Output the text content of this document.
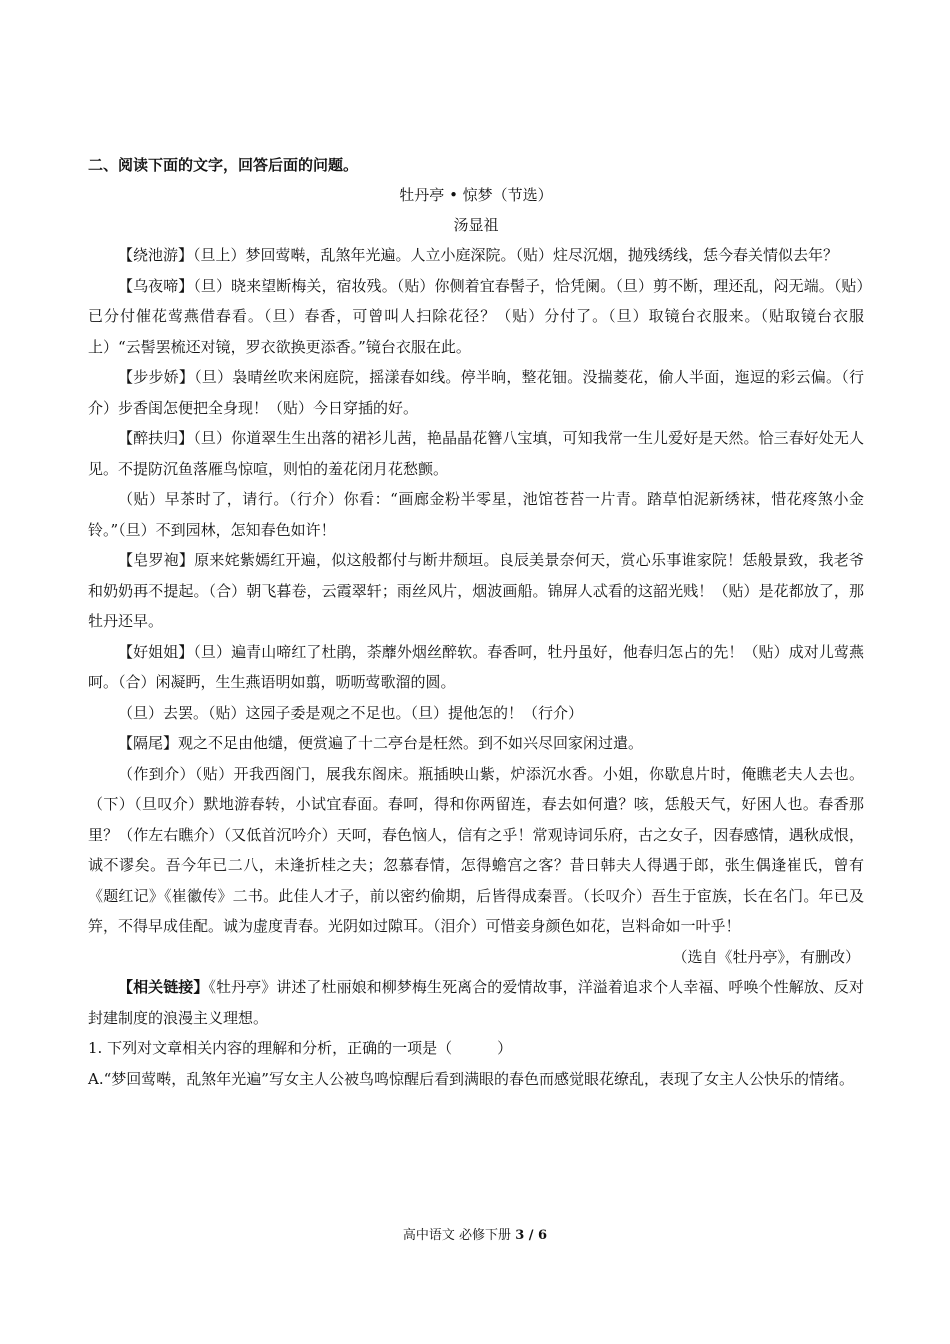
二、阅读下面的文字，回答后面的问题。

牡丹亭 • 惊梦（节选）

汤显祖

【绕池游】（旦上）梦回莺啭，乱煞年光遍。人立小庭深院。（贴）炷尽沉烟，抛残绣线，恁今春关情似去年？

【乌夜啼】（旦）晓来望断梅关，宿妆残。（贴）你侧着宜春髻子，恰凭阑。（旦）剪不断，理还乱，闷无端。（贴）已分付催花莺燕借春看。（旦）春香，可曾叫人扫除花径？（贴）分付了。（旦）取镜台衣服来。（贴取镜台衣服上）“云髻罢梳还对镜，罗衣欲换更添香。”镜台衣服在此。

【步步娇】（旦）袅晴丝吹来闲庭院，摇漾春如线。停半晌，整花钿。没揣菱花，偷人半面，迤逗的彩云偏。（行介）步香闺怎便把全身现！（贴）今日穿插的好。

【醉扶归】（旦）你道翠生生出落的裙衫儿茜，艳晶晶花簪八宝填，可知我常一生儿爱好是天然。恰三春好处无人见。不提防沉鱼落雁鸟惊喧，则怕的羞花闭月花愁颤。

（贴）早茶时了，请行。（行介）你看：“画廊金粉半零星，池馆苍苔一片青。踏草怕泥新绣袜，惜花疼煞小金铃。”（旦）不到园林，怎知春色如许！

【皂罗袍】原来姹紫嫣红开遍，似这般都付与断井颓垣。良辰美景奈何天，赏心乐事谁家院！恁般景致，我老爷和奶奶再不提起。（合）朝飞暮卷，云霞翠轩；雨丝风片，烟波画船。锦屏人忒看的这韶光贱！（贴）是花都放了，那牡丹还早。

【好姐姐】（旦）遍青山啼红了杜鹃，荼蘼外烟丝醉软。春香呵，牡丹虽好，他春归怎占的先！（贴）成对儿莺燕呵。（合）闲凝眄，生生燕语明如翦，呖呖莺歌溜的圆。

（旦）去罢。（贴）这园子委是观之不足也。（旦）提他怎的！（行介）

【隔尾】观之不足由他缱，便赏遍了十二亭台是枉然。到不如兴尽回家闲过遣。

（作到介）（贴）开我西阁门，展我东阁床。瓶插映山紫，炉添沉水香。小姐，你歇息片时，俺瞧老夫人去也。（下）（旦叹介）默地游春转，小试宜春面。春呵，得和你两留连，春去如何遣？咳，恁般天气，好困人也。春香那里？（作左右瞧介）（又低首沉吟介）天呵，春色恼人，信有之乎！常观诗词乐府，古之女子，因春感情，遇秋成恨，诚不谬矣。吾今年已二八，未逢折桂之夫；忽慕春情，怎得蟾宫之客？昔日韩夫人得遇于郎，张生偶逢崔氏，曾有《题红记》《崔徽传》二书。此佳人才子，前以密约偷期，后皆得成秦晋。（长叹介）吾生于宦族，长在名门。年已及笄，不得早成佳配。诚为虚度青春。光阴如过隙耳。（泪介）可惜妾身颜色如花，岂料命如一叶乎！

（选自《牡丹亭》，有删改）

【相关链接】《牡丹亭》讲述了杜丽娘和柳梦梅生死离合的爱情故事，洋溢着追求个人幸福、呼唤个性解放、反对封建制度的浪漫主义理想。

1. 下列对文章相关内容的理解和分析，正确的一项是（　　　）

A.“梦回莺啭，乱煞年光遍”写女主人公被鸟鸣惊醒后看到满眼的春色而感觉眼花缭乱，表现了女主人公快乐的情绪。

高中语文 必修下册 3 / 6
